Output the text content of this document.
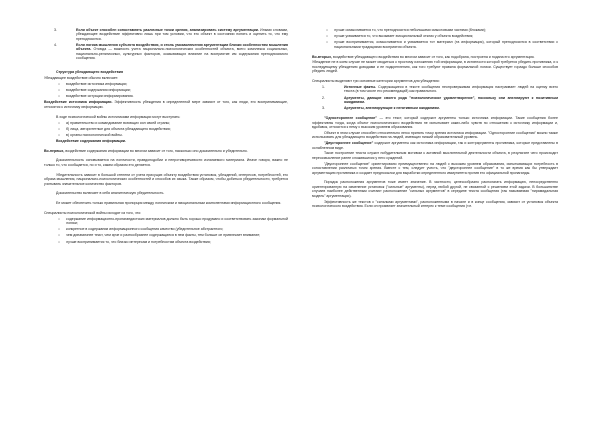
3.	Если объект способен сопоставлять различные точки зрения, анализировать систему аргументации. Иными словами, убеждающее воздействие эффективно лишь при том условии, что его объект в состоянии понять и оценить то, что ему преподносится.
4.	Если логика мышления субъекта воздействия, и стиль умозаключения аргументации близки особенностям мышления объекта. Отсюда — важность учета национально-психологических особенностей объекта, всего комплекса социальных, национально-религиозных, культурных факторов, оказывающих влияние на восприятие им содержания преподносимого сообщения.

Структура убеждающего воздействия

Убеждающее воздействие обычно включает:

○	воздействие источника информации;
○	воздействие содержания информации;
○	воздействие ситуации информирования.

Воздействие источника информации. Эффективность убеждения в определенной мере зависит от того, как люди, его воспринимающие, относятся к источнику информации.

В ходе психологической войны источниками информации могут выступать:

○	а) правительство и командование воюющих сил своей страны;
○	б) лица, авторитетные для объекта убеждающего воздействия;
○	в) органы психологической войны.

Воздействие содержания информации.

Во-первых, воздействие содержания информации во многом зависит от того, насколько оно доказательно и убедительно.

Доказательность основывается на логичности, правдоподобии и непротиворечивости излагаемого материала. Иначе говоря, важно не только то, что сообщается, но и то, каким образом это делается.

Убедительность зависит в большой степени от учета присущих объекту воздействия установок, убеждений, интересов, потребностей, его образа мышления, национально-психологических особенностей и способов их языка. Также образом, чтобы добиться убедительности, требуется учитывать значительное количество факторов.

Доказательство включает в себя аналитическую убедительность.

Ее может обеспечить только правильная пропорция между логическим и эмоциональным компонентами информационного сообщения.

Специалисты психологической войны исходят из того, что:

○	содержание информационно-пропагандистских материалов должно быть хорошо продумано и соответствовать законам формальной логики;
○	конкретное в содержании информационного сообщения качество (убедительное абстрактного;
○	чем динамичнее текст, чем ярче и разнообразнее содержащиеся в нем факты, тем больше он привлекает внимание;
○	лучше воспринимается то, что близко интересам и потребностям объекта воздействия;
○	лучше осмысливается то, что преподносится небольшими смысловыми частями (блоками);
○	лучше усваивается то, что вызывает эмоциональный отклик у объекта воздействия;
○	лучше воспринимается, осмысливается и усваивается тот материал (та информация), который преподносится в соответствии с национальными традициями восприятия объекта.

Во-вторых, воздействие убеждающего воздействия во многом зависит от того, как подобрана, построена и подана его аргументация.

Убеждение не в коем случае не может сводиться к простому изложению той информации, в истинности которой требуется убедить противника, и к последующему убеждению доводами и ее подкреплению, как того требуют правила формальной логики. Существует гораздо больше способов убедить людей.

Специалисты выделяют три основные категории аргументов для убеждения:

1.	Истинные факты. Содержащиеся в тексте сообщения неопровержимая информация настраивает людей на оценку всего текста (в том числе его рекомендаций) как правильного.
2.	Аргументы, дающие своего рода "психологическое удовлетворение", поскольку они апеллируют к позитивным ожиданиям.
3.	Аргументы, апеллирующие к негативным ожиданиям.

"Одностороннее сообщение" — это текст, который содержит аргументы только источника информации. Такие сообщения более эффективны тогда, когда объект психологического воздействия не испытывает каких-либо чувств по отношению к источнику информации и, вдобавок, относится к нему с высоким уровнем образования.

Объект в этом случае способен относительно легко принять точку зрения источника информации. "Односторонние сообщения" можно также использовать для убеждающего воздействия на людей, имеющих низкий образовательный уровень.

"Двустороннее сообщение" содержит аргументы как источника информации, так и контраргументы противника, которые представлены в ослабленном виде.

Такое построение текста служит побудительным мотивом к активной мыслительной деятельности объекта, в результате чего происходит переосмысление ранее сложившихся у него суждений.

"Двустороннее сообщение" ориентировано преимущественно на людей с высоким уровнем образования, испытывающих потребность в сопоставлении различных точек зрения. Вместе с тем, следует учесть, что "двустороннее сообщение" в то же время как бы утверждает аргументацию противника и создает предпосылки для выработки определенного иммунитета против его официальной пропаганды.

Порядок расположения аргументов тоже имеет значение. В частности, целесообразно располагать информацию, непосредственно ориентированную на изменение установок ("сильные" аргументы), перед любой другой, не связанной с решением этой задачи. В большинстве случаев наиболее действенным считают расположение "сильных аргументов" в середине текста сообщения (так называемая "пирамидальная модель" аргументации).

Эффективность же текстов с "сильными аргументами", расположенными в начале и в конце сообщения, зависит от установок объекта психологического воздействия. Если он проявляет значительный интерес к теме сообщения (т.е.
